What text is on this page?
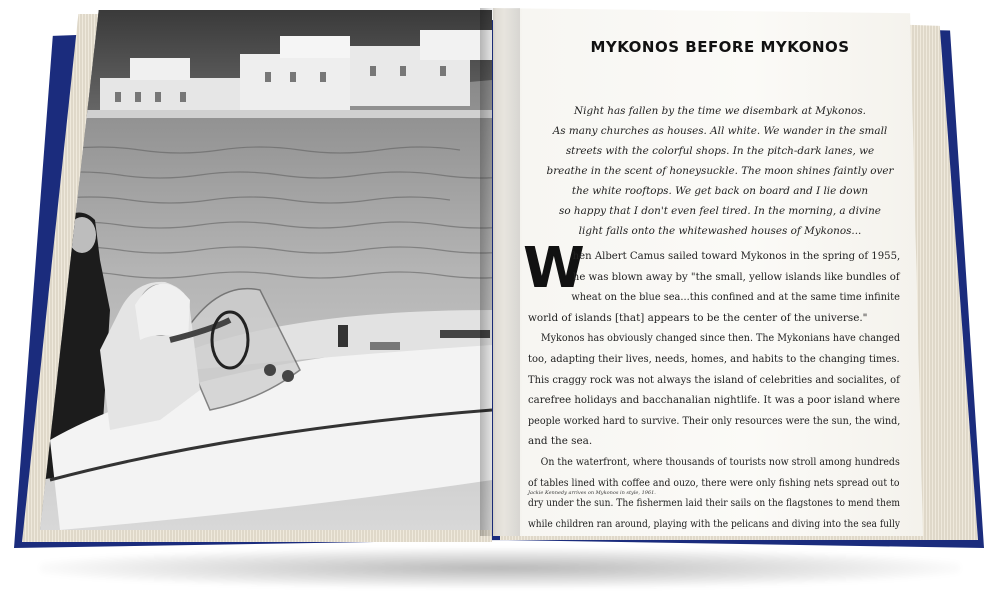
MYKONOS BEFORE MYKONOS
Night has fallen by the time we disembark at Mykonos.
As many churches as houses. All white. We wander in the small
streets with the colorful shops. In the pitch-dark lanes, we
breathe in the scent of honeysuckle. The moon shines faintly over
the white rooftops. We get back on board and I lie down
so happy that I don't even feel tired. In the morning, a divine
light falls onto the whitewashed houses of Mykonos...
W
hen Albert Camus sailed toward Mykonos in the spring of 1955,
he was blown away by "the small, yellow islands like bundles of
wheat on the blue sea...this confined and at the same time infinite
world of islands [that] appears to be the center of the universe."
Mykonos has obviously changed since then. The Mykonians have changed
too, adapting their lives, needs, homes, and habits to the changing times.
This craggy rock was not always the island of celebrities and socialites, of
carefree holidays and bacchanalian nightlife. It was a poor island where
people worked hard to survive. Their only resources were the sun, the wind,
and the sea.
On the waterfront, where thousands of tourists now stroll among hundreds
of tables lined with coffee and ouzo, there were only fishing nets spread out to
dry under the sun. The fishermen laid their sails on the flagstones to mend them
while children ran around, playing with the pelicans and diving into the sea fully
Jackie Kennedy arrives on Mykonos in style, 1961.
